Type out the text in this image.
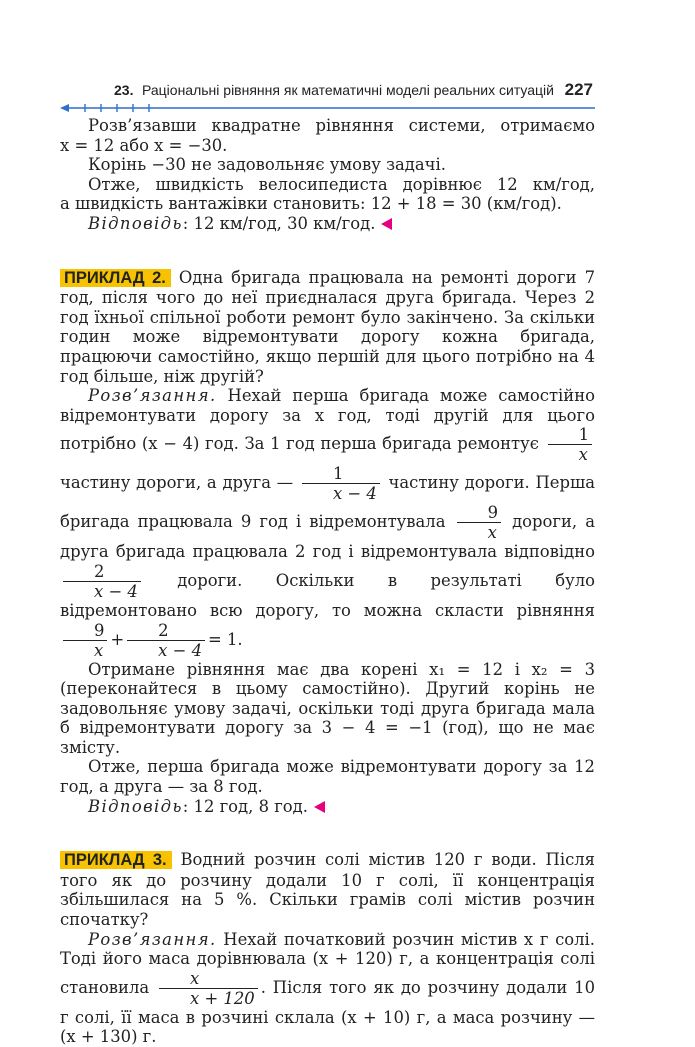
23. Раціональні рівняння як математичні моделі реальних ситуацій 227

Розв’язавши квадратне рівняння системи, отримаємо

x = 12 або x = −30.

Корінь −30 не задовольняє умову задачі.

Отже, швидкість велосипедиста дорівнює 12 км/год,

а швидкість вантажівки становить: 12 + 18 = 30 (км/год).

Відповідь: 12 км/год, 30 км/год.

ПРИКЛАД 2. Одна бригада працювала на ремонті дороги 7 год, після чого до неї приєдналася друга бригада. Через 2 год їхньої спільної роботи ремонт було закінчено. За скільки годин може відремонтувати дорогу кожна бригада, працюючи самостійно, якщо першій для цього потрібно на 4 год більше, ніж другій?

Розв’язання. Нехай перша бригада може самостійно відремонтувати дорогу за x год, тоді другій для цього потрібно (x − 4) год. За 1 год перша бригада ремонтує $\frac{1}{x}$
частину дороги, а друга — $\frac{1}{x - 4}$ частину дороги. Перша бригада працювала 9 год і відремонтувала $\frac{9}{x}$ дороги, а друга бригада працювала 2 год і відремонтувала відповідно
$\frac{2}{x - 4}$ дороги. Оскільки в результаті було відремонтовано всю дорогу, то можна скласти рівняння
$\frac{9}{x} + \frac{2}{x - 4} = 1$.

Отримане рівняння має два корені x₁ = 12 і x₂ = 3 (переконайтеся в цьому самостійно). Другий корінь не задовольняє умову задачі, оскільки тоді друга бригада мала б відремонтувати дорогу за 3 − 4 = −1 (год), що не має змісту.

Отже, перша бригада може відремонтувати дорогу за 12 год, а друга — за 8 год.

Відповідь: 12 год, 8 год.

ПРИКЛАД 3. Водний розчин солі містив 120 г води. Після того як до розчину додали 10 г солі, її концентрація збільшилася на 5 %. Скільки грамів солі містив розчин спочатку?

Розв’язання. Нехай початковий розчин містив x г солі. Тоді його маса дорівнювала (x + 120) г, а концентрація солі становила $\frac{x}{x + 120}$ . Після того як до розчину додали 10 г солі, її маса в розчині склала (x + 10) г, а маса розчину — (x + 130) г.
